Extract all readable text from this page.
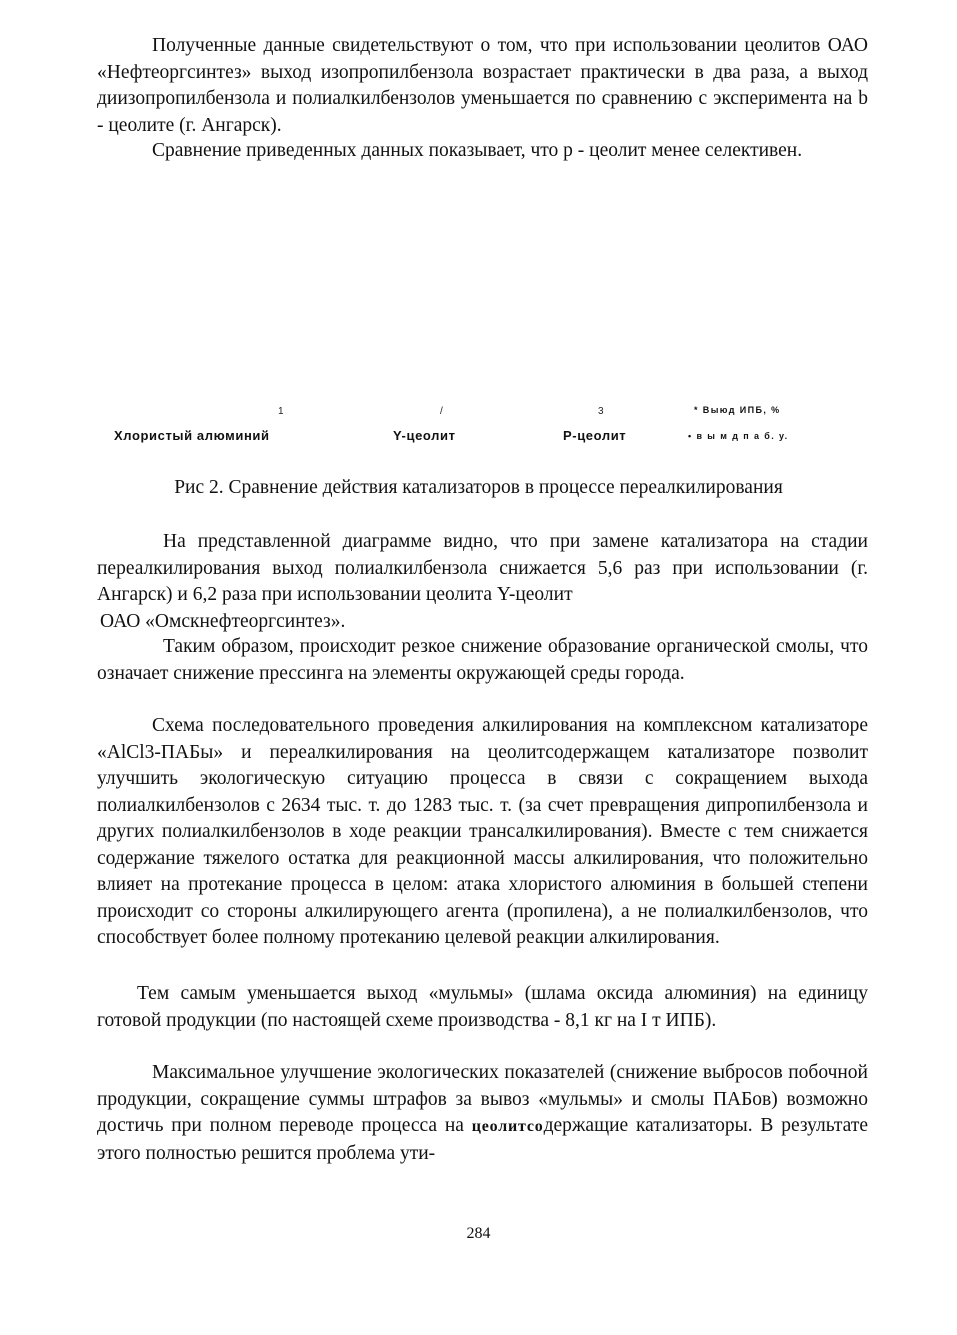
Полученные данные свидетельствуют о том, что при использовании цеолитов ОАО «Нефтеоргсинтез» выход изопропилбензола возрастает практически в два раза, а выход диизопропилбензола и полиалкилбензолов уменьшается по сравнению с эксперимента на b - цеолите (г. Ангарск).

Сравнение приведенных данных показывает, что р - цеолит менее селективен.

1	/	3	* Выюд ИПБ, %
Хлористый алюминий	Y-цеолит	Р-цеолит	• в ы м д п а б. у.
Рис 2. Сравнение действия катализаторов в процессе переалкилирования

На представленной диаграмме видно, что при замене катализатора на стадии переалкилирования выход полиалкилбензола снижается 5,6 раз при использовании (г. Ангарск) и 6,2 раза при использовании цеолита Y-цеолит
ОАО «Омскнефтеоргсинтез».

Таким образом, происходит резкое снижение образование органической смолы, что означает снижение прессинга на элементы окружающей среды города.

Схема последовательного проведения алкилирования на комплексном катализаторе «AlCl3-ПАБы» и переалкилирования на цеолитсодержащем катализаторе позволит улучшить экологическую ситуацию процесса в связи с сокращением выхода полиалкилбензолов с 2634 тыс. т. до 1283 тыс. т. (за счет превращения дипропилбензола и других полиалкилбензолов в ходе реакции трансалкилирования). Вместе с тем снижается содержание тяжелого остатка для реакционной массы алкилирования, что положительно влияет на протекание процесса в целом: атака хлористого алюминия в большей степени происходит со стороны алкилирующего агента (пропилена), а не полиалкилбензолов, что способствует более полному протеканию целевой реакции алкилирования.

Тем самым уменьшается выход «мульмы» (шлама оксида алюминия) на единицу готовой продукции (по настоящей схеме производства - 8,1 кг на I т ИПБ).

Максимальное улучшение экологических показателей (снижение выбросов побочной продукции, сокращение суммы штрафов за вывоз «мульмы» и смолы ПАБов) возможно достичь при полном переводе процесса на цеолитсодержащие катализаторы. В результате этого полностью решится проблема ути-

284
